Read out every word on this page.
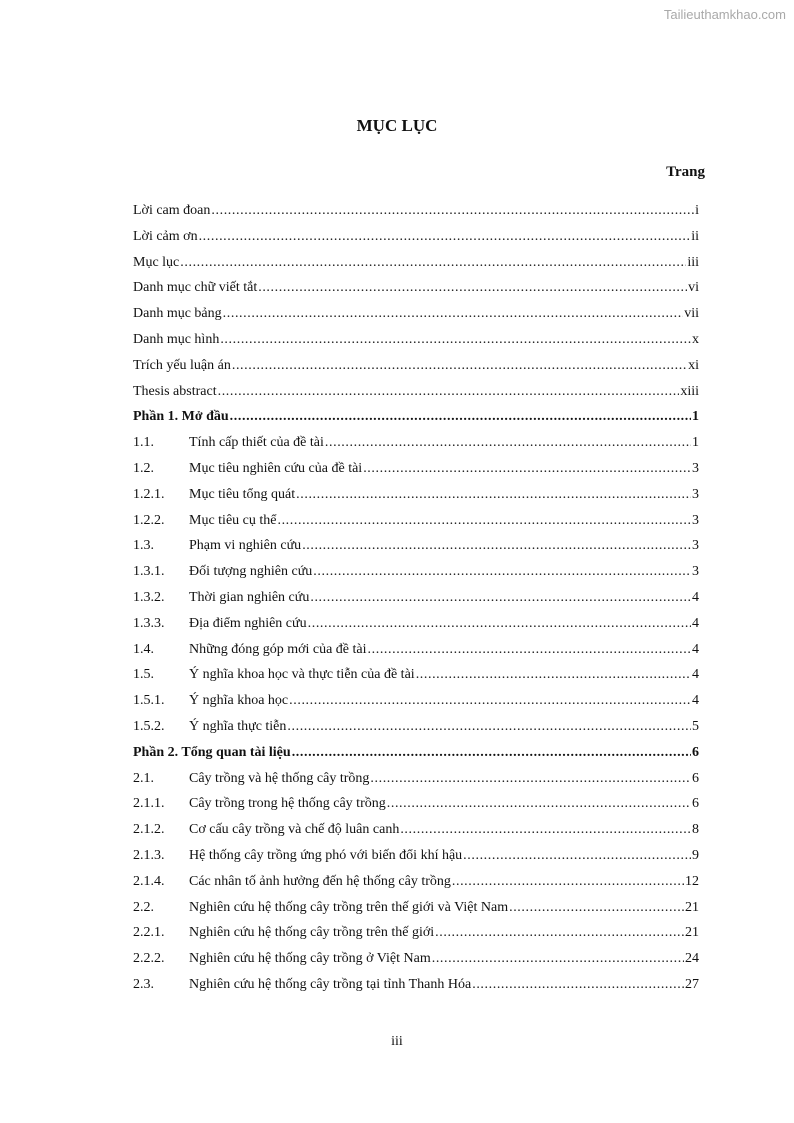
Tailieuthamkhao.com
MỤC LỤC
Trang
Lời cam đoan .....	i
Lời cảm ơn .....	ii
Mục lục .....	iii
Danh mục chữ viết tắt .....	vi
Danh mục bảng .....	vii
Danh mục hình .....	x
Trích yếu luận án .....	xi
Thesis abstract .....	xiii
Phần 1. Mở đầu .....	1
1.1.	Tính cấp thiết của đề tài .....	1
1.2.	Mục tiêu nghiên cứu của đề tài .....	3
1.2.1.	Mục tiêu tổng quát .....	3
1.2.2.	Mục tiêu cụ thể .....	3
1.3.	Phạm vi nghiên cứu .....	3
1.3.1.	Đối tượng nghiên cứu .....	3
1.3.2.	Thời gian nghiên cứu .....	4
1.3.3.	Địa điểm nghiên cứu .....	4
1.4.	Những đóng góp mới của đề tài .....	4
1.5.	Ý nghĩa khoa học và thực tiễn của đề tài .....	4
1.5.1.	Ý nghĩa khoa học .....	4
1.5.2.	Ý nghĩa thực tiễn .....	5
Phần 2. Tổng quan tài liệu .....	6
2.1.	Cây trồng và hệ thống cây trồng .....	6
2.1.1.	Cây trồng trong hệ thống cây trồng .....	6
2.1.2.	Cơ cấu cây trồng và chế độ luân canh .....	8
2.1.3.	Hệ thống cây trồng ứng phó với biến đổi khí hậu .....	9
2.1.4.	Các nhân tố ảnh hưởng đến hệ thống cây trồng .....	12
2.2.	Nghiên cứu hệ thống cây trồng trên thế giới và Việt Nam .....	21
2.2.1.	Nghiên cứu hệ thống cây trồng trên thế giới .....	21
2.2.2.	Nghiên cứu hệ thống cây trồng ở Việt Nam .....	24
2.3.	Nghiên cứu hệ thống cây trồng tại tỉnh Thanh Hóa .....	27
iii
